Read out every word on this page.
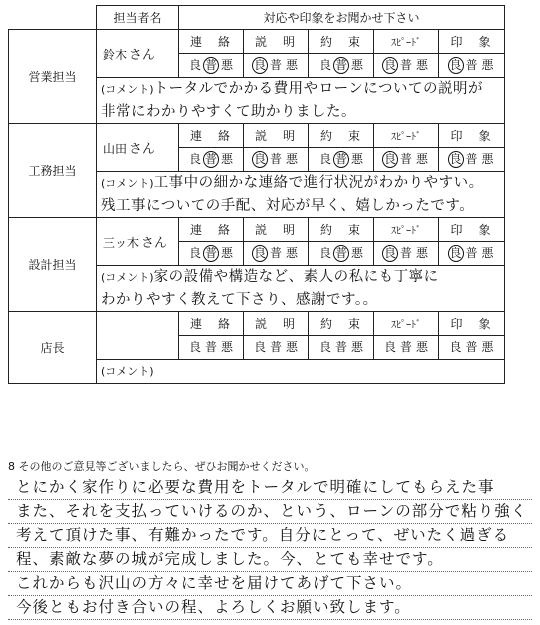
	担当者名	対応や印象をお聞かせ下さい				
営業担当	鈴木 さん	連　絡	説　明	約　束	ｽﾋﾟｰﾄﾞ	印　象
		良 普 悪	良 普 悪	良 普 悪	良 普 悪	良 普 悪

	(コメント)トータルでかかる費用やローンについての説明が
非常にわかりやすくて助かりました。					

工務担当	山田 さん	連　絡	説　明	約　束	ｽﾋﾟｰﾄﾞ	印　象
		良 普 悪	良 普 悪	良 普 悪	良 普 悪	良 普 悪

	(コメント)工事中の細かな連絡で進行状況がわかりやすい。
残工事についての手配、対応が早く、嬉しかったです。					

設計担当	三ッ木 さん	連　絡	説　明	約　束	ｽﾋﾟｰﾄﾞ	印　象
		良 普 悪	良 普 悪	良 普 悪	良 普 悪	良 普 悪

	(コメント)家の設備や構造など、素人の私にも丁寧に
わかりやすく教えて下さり、感謝です。。					

店長		連　絡	説　明	約　束	ｽﾋﾟｰﾄﾞ	印　象
		良 普 悪	良 普 悪	良 普 悪	良 普 悪	良 普 悪
	(コメント)					

8 その他のご意見等ございましたら、ぜひお聞かせください。
とにかく家作りに必要な費用をトータルで明確にしてもらえた事
また、それを支払っていけるのか、という、ローンの部分で粘り強く
考えて頂けた事、有難かったです。自分にとって、ぜいたく過ぎる
程、素敵な夢の城が完成しました。今、とても幸せです。
これからも沢山の方々に幸せを届けてあげて下さい。
今後ともお付き合いの程、よろしくお願い致します。
